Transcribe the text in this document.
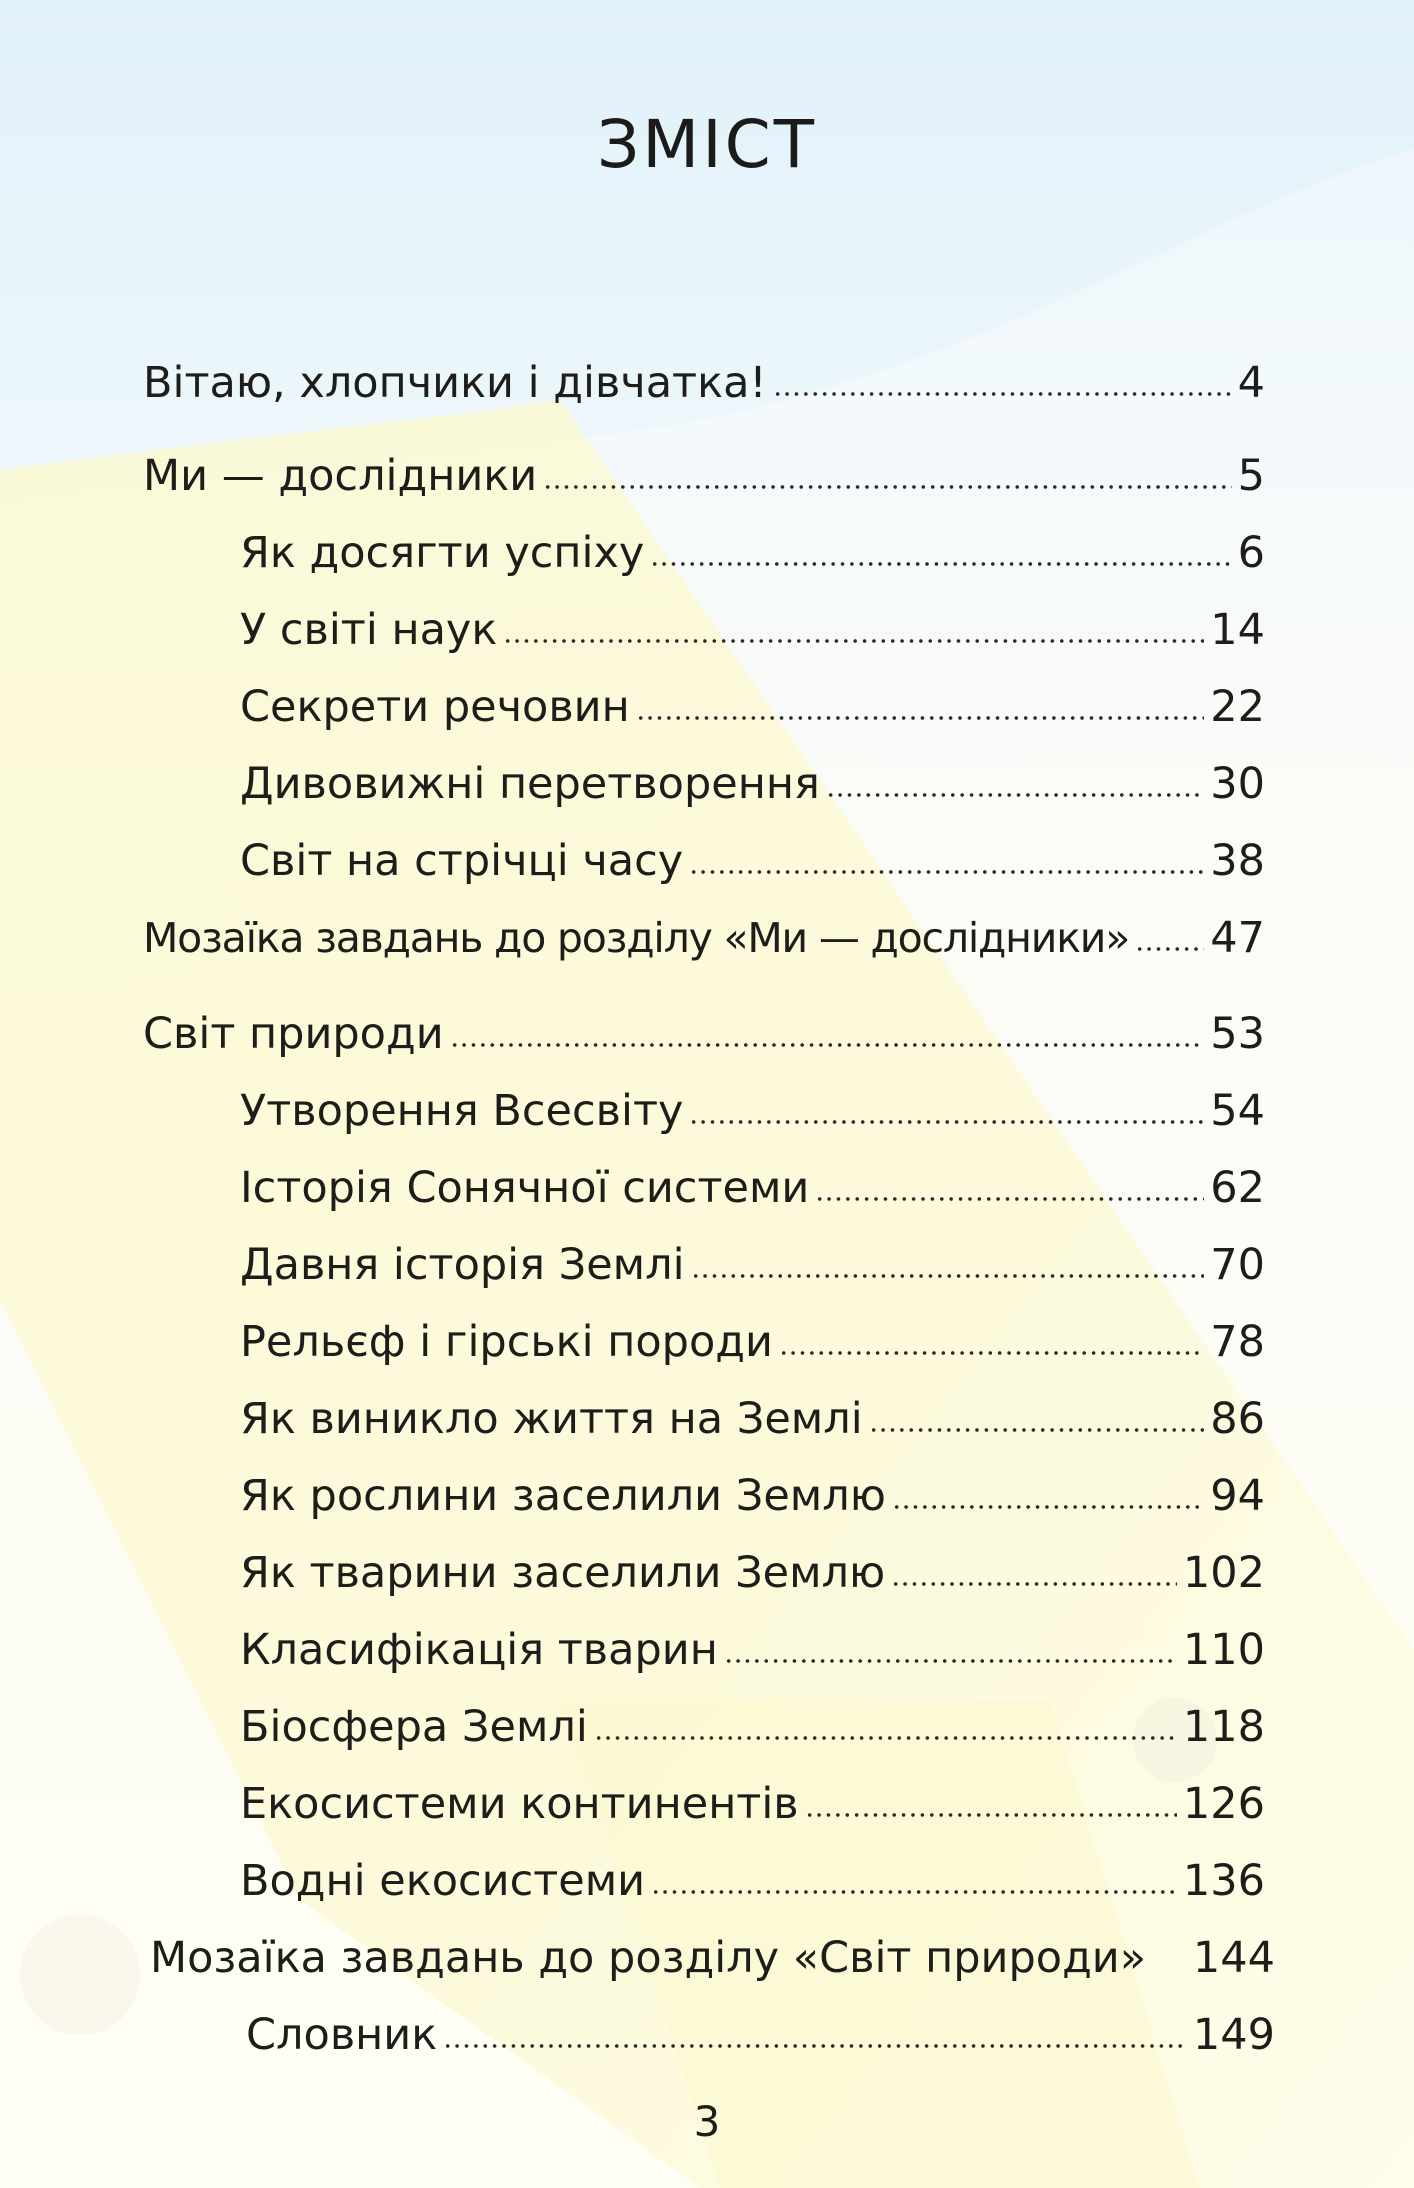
ЗМІСТ
Вітаю, хлопчики і дівчатка!	4
Ми — дослідники	5
Як досягти успіху	6
У світі наук	14
Секрети речовин	22
Дивовижні перетворення	30
Світ на стрічці часу	38
Мозаїка завдань до розділу «Ми — дослідники» 47
Світ природи	53
Утворення Всесвіту	54
Історія Сонячної системи	62
Давня історія Землі	70
Рельєф і гірські породи	78
Як виникло життя на Землі	86
Як рослини заселили Землю	94
Як тварини заселили Землю	102
Класифікація тварин	110
Біосфера Землі	118
Екосистеми континентів	126
Водні екосистеми	136
Мозаїка завдань до розділу «Світ природи» 144
Словник	149
3
